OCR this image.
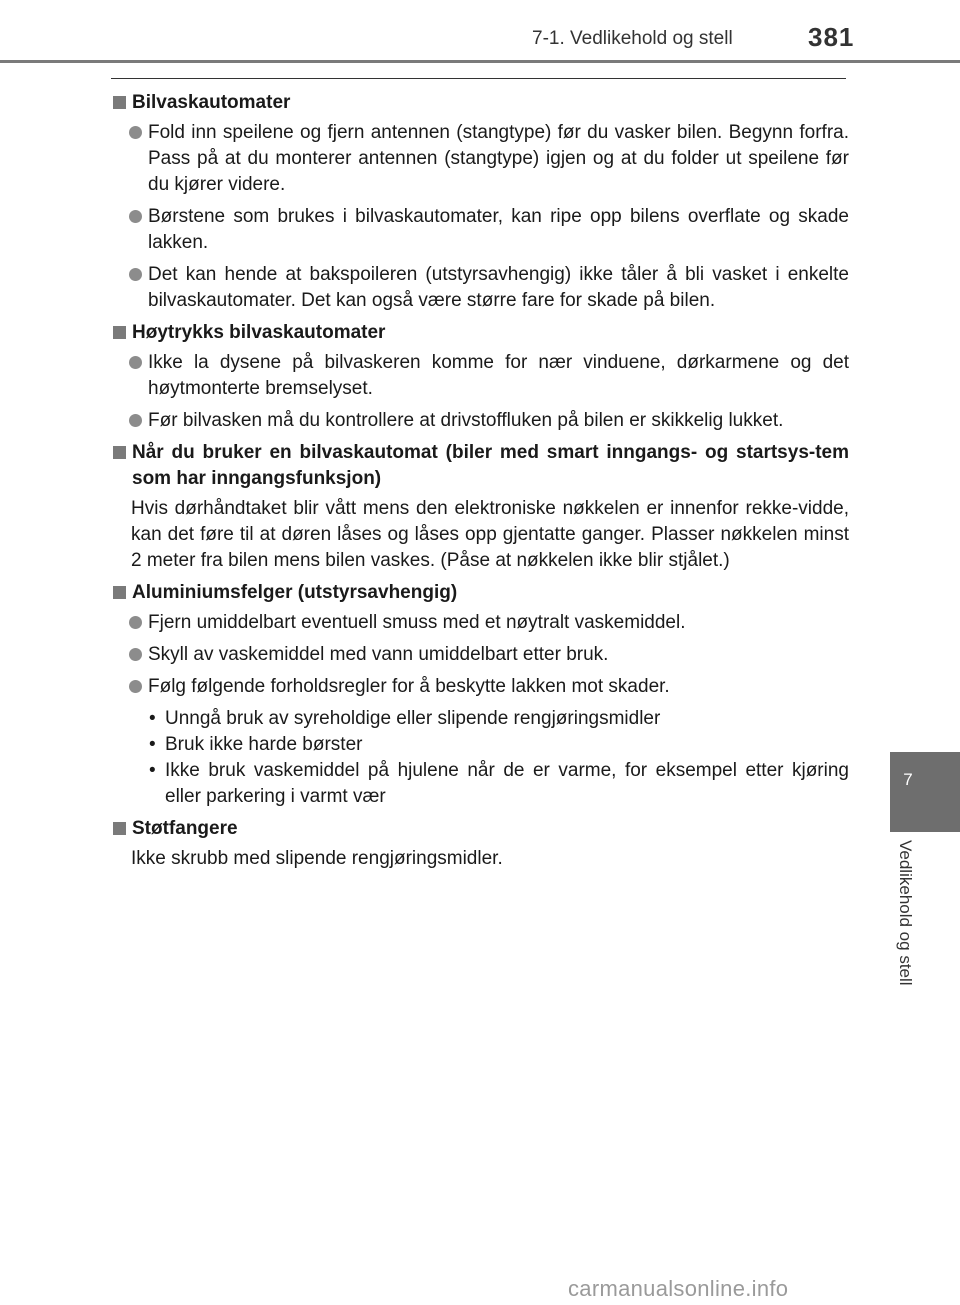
7-1. Vedlikehold og stell	381
7
Vedlikehold og stell
Bilvaskautomater
Fold inn speilene og fjern antennen (stangtype) før du vasker bilen. Begynn forfra. Pass på at du monterer antennen (stangtype) igjen og at du folder ut speilene før du kjører videre.
Børstene som brukes i bilvaskautomater, kan ripe opp bilens overflate og skade lakken.
Det kan hende at bakspoileren (utstyrsavhengig) ikke tåler å bli vasket i enkelte bilvaskautomater. Det kan også være større fare for skade på bilen.
Høytrykks bilvaskautomater
Ikke la dysene på bilvaskeren komme for nær vinduene, dørkarmene og det høytmonterte bremselyset.
Før bilvasken må du kontrollere at drivstoffluken på bilen er skikkelig lukket.
Når du bruker en bilvaskautomat (biler med smart inngangs- og startsys-tem som har inngangsfunksjon)
Hvis dørhåndtaket blir vått mens den elektroniske nøkkelen er innenfor rekke-vidde, kan det føre til at døren låses og låses opp gjentatte ganger. Plasser nøkkelen minst 2 meter fra bilen mens bilen vaskes. (Påse at nøkkelen ikke blir stjålet.)
Aluminiumsfelger (utstyrsavhengig)
Fjern umiddelbart eventuell smuss med et nøytralt vaskemiddel.
Skyll av vaskemiddel med vann umiddelbart etter bruk.
Følg følgende forholdsregler for å beskytte lakken mot skader.
• Unngå bruk av syreholdige eller slipende rengjøringsmidler
• Bruk ikke harde børster
• Ikke bruk vaskemiddel på hjulene når de er varme, for eksempel etter kjøring eller parkering i varmt vær
Støtfangere
Ikke skrubb med slipende rengjøringsmidler.
carmanualsonline.info
